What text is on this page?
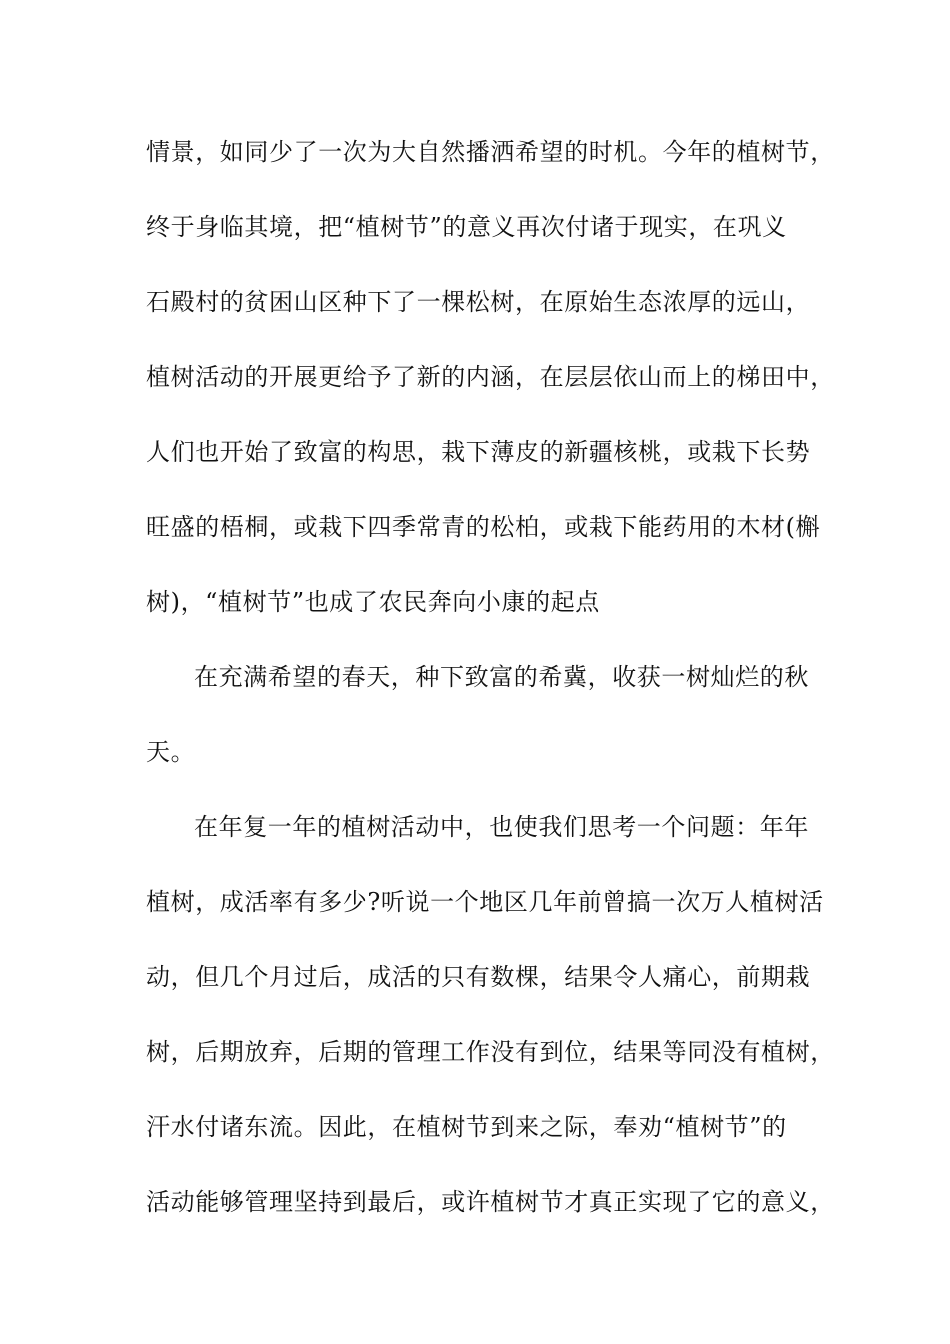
情景，如同少了一次为大自然播洒希望的时机。今年的植树节，
终于身临其境，把“植树节”的意义再次付诸于现实，在巩义
石殿村的贫困山区种下了一棵松树，在原始生态浓厚的远山，
植树活动的开展更给予了新的内涵，在层层依山而上的梯田中，
人们也开始了致富的构思，栽下薄皮的新疆核桃，或栽下长势
旺盛的梧桐，或栽下四季常青的松柏，或栽下能药用的木材(槲
树)，“植树节”也成了农民奔向小康的起点
在充满希望的春天，种下致富的希冀，收获一树灿烂的秋
天。
在年复一年的植树活动中，也使我们思考一个问题：年年
植树，成活率有多少?听说一个地区几年前曾搞一次万人植树活
动，但几个月过后，成活的只有数棵，结果令人痛心，前期栽
树，后期放弃，后期的管理工作没有到位，结果等同没有植树，
汗水付诸东流。因此，在植树节到来之际，奉劝“植树节”的
活动能够管理坚持到最后，或许植树节才真正实现了它的意义，
